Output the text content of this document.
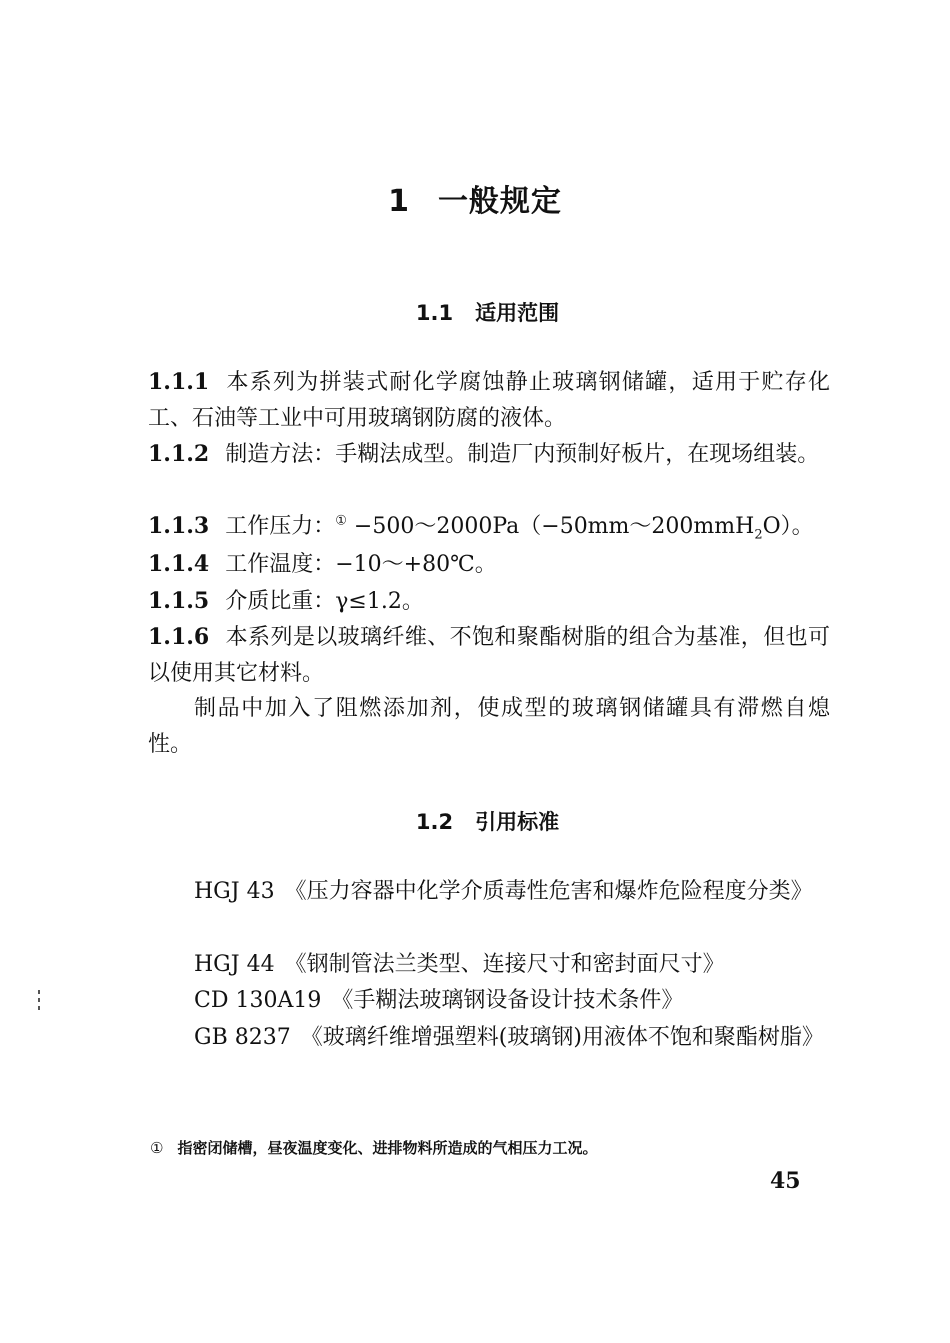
1 一般规定
1.1 适用范围
1.1.1 本系列为拼装式耐化学腐蚀静止玻璃钢储罐，适用于贮存化工、石油等工业中可用玻璃钢防腐的液体。
1.1.2 制造方法：手糊法成型。制造厂内预制好板片，在现场组装。
1.1.3 工作压力：① −500～2000Pa（−50mm～200mmH$_2$O）。
1.1.4 工作温度：−10～+80℃。
1.1.5 介质比重：γ≤1.2。
1.1.6 本系列是以玻璃纤维、不饱和聚酯树脂的组合为基准，但也可以使用其它材料。
制品中加入了阻燃添加剂，使成型的玻璃钢储罐具有滞燃自熄性。
1.2 引用标准
HGJ 43 《压力容器中化学介质毒性危害和爆炸危险程度分类》
HGJ 44 《钢制管法兰类型、连接尺寸和密封面尺寸》
CD 130A19 《手糊法玻璃钢设备设计技术条件》
GB 8237 《玻璃纤维增强塑料(玻璃钢)用液体不饱和聚酯树脂》
① 指密闭储槽，昼夜温度变化、进排物料所造成的气相压力工况。
45
